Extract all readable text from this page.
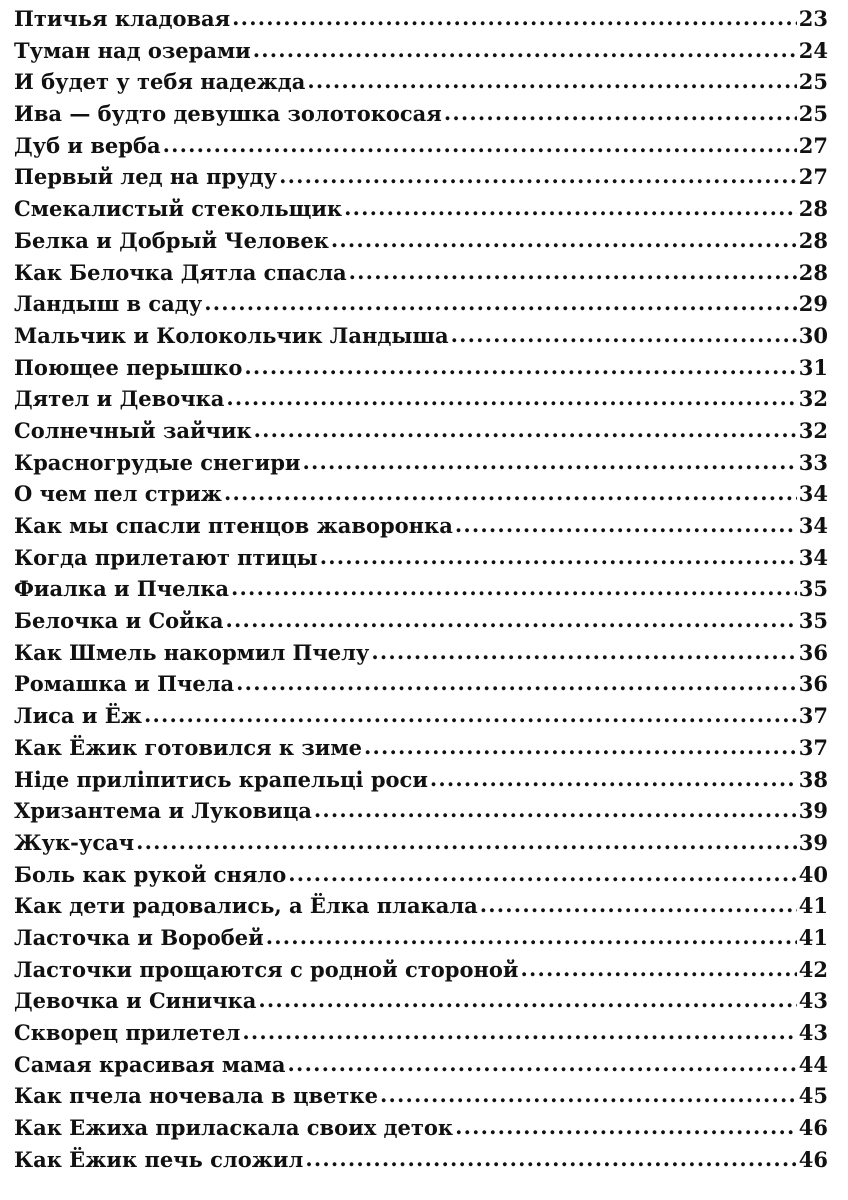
Птичья кладовая .....	23
Туман над озерами .....	24
И будет у тебя надежда .....	25
Ива — будто девушка золотокосая .....	25
Дуб и верба .....	27
Первый лед на пруду .....	27
Смекалистый стекольщик .....	28
Белка и Добрый Человек .....	28
Как Белочка Дятла спасла .....	28
Ландыш в саду .....	29
Мальчик и Колокольчик Ландыша .....	30
Поющее перышко .....	31
Дятел и Девочка .....	32
Солнечный зайчик .....	32
Красногрудые снегири .....	33
О чем пел стриж .....	34
Как мы спасли птенцов жаворонка .....	34
Когда прилетают птицы .....	34
Фиалка и Пчелка .....	35
Белочка и Сойка .....	35
Как Шмель накормил Пчелу .....	36
Ромашка и Пчела .....	36
Лиса и Ёж .....	37
Как Ёжик готовился к зиме .....	37
Ніде приліпитись крапельці роси .....	38
Хризантема и Луковица .....	39
Жук-усач .....	39
Боль как рукой сняло .....	40
Как дети радовались, а Ёлка плакала .....	41
Ласточка и Воробей .....	41
Ласточки прощаются с родной стороной .....	42
Девочка и Синичка .....	43
Скворец прилетел .....	43
Самая красивая мама .....	44
Как пчела ночевала в цветке .....	45
Как Ежиха приласкала своих деток .....	46
Как Ёжик печь сложил .....	46
